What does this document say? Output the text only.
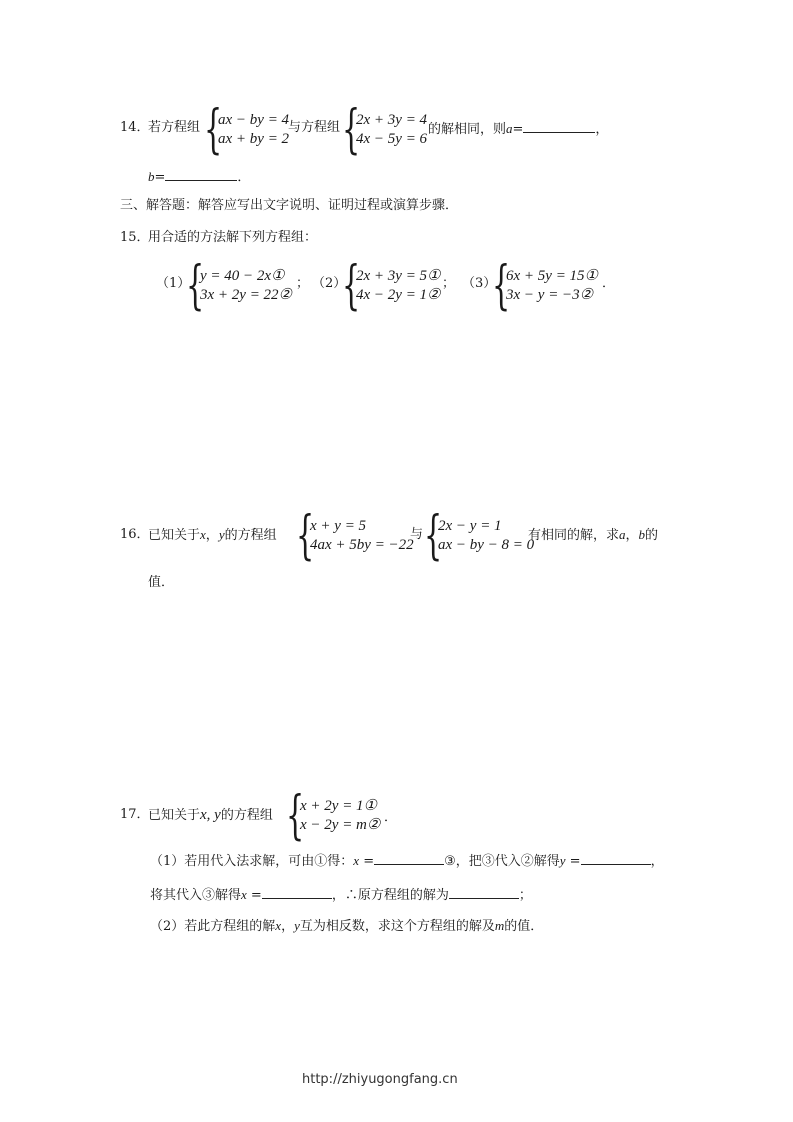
14．
若方程组 {
ax − by = 4
ax + by = 2
与方程组 {
2x + 3y = 4
4x − 5y = 6
的解相同，则a=	，
b=	．
三、解答题：解答应写出文字说明、证明过程或演算步骤．
15．
用合适的方法解下列方程组：
（1）
{
y = 40 − 2x①
3x + 2y = 22②
； （2）
{
2x + 3y = 5①
4x − 2y = 1②
； （3）
{
6x + 5y = 15①
3x − y = −3②
．
16．
已知关于x，y的方程组 {
x + y = 5
4ax + 5by = −22
与 {
2x − y = 1
ax − by − 8 = 0
有相同的解，求a，b的
值．
17．
已知关于x, y的方程组 {
x + 2y = 1①
x − 2y = m② ．
（1）若用代入法求解，可由①得：x =	③，把③代入②解得y =	，
将其代入③解得x =	，∴原方程组的解为	；
（2）若此方程组的解x，y互为相反数，求这个方程组的解及m的值．
http://zhiyugongfang.cn
